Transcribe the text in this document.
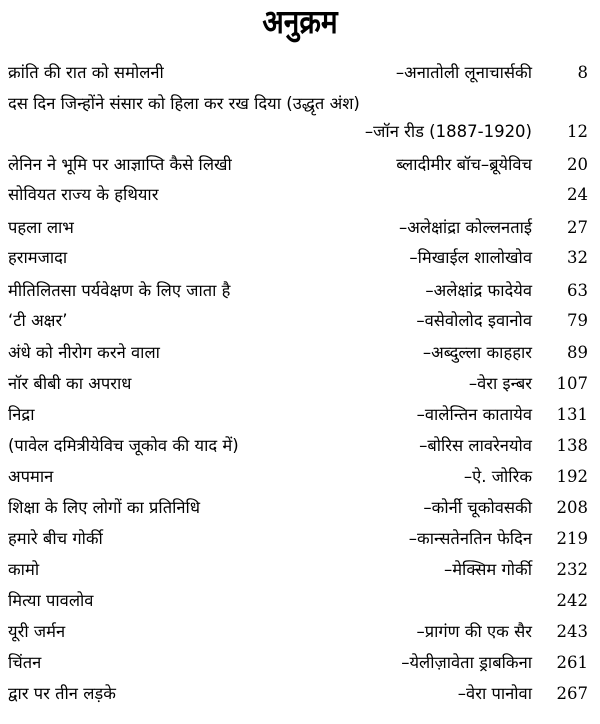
अनुक्रम
क्रांति की रात को समोलनी	–अनातोली लूनाचार्सकी	8
दस दिन जिन्होंने संसार को हिला कर रख दिया (उद्धृत अंश)
–जॉन रीड (1887-1920)	12
लेनिन ने भूमि पर आज्ञाप्ति कैसे लिखी	ब्लादीमीर बॉच–ब्रूयेविच	20
सोवियत राज्य के हथियार	24
पहला लाभ	–अलेक्षांद्रा कोल्लनताई	27
हरामजादा	–मिखाईल शालोखोव	32
मीतिलितसा पर्यवेक्षण के लिए जाता है	–अलेक्षांद्र फादेयेव	63
‘टी अक्षर’	–वसेवोलोद इवानोव	79
अंधे को नीरोग करने वाला	–अब्दुल्ला काहहार	89
नॉर बीबी का अपराध	–वेरा इन्बर	107
निद्रा	–वालेन्तिन कातायेव	131
(पावेल दमित्रीयेविच जूकोव की याद में)	–बोरिस लावरेनयोव	138
अपमान	–ऐ. जोरिक	192
शिक्षा के लिए लोगों का प्रतिनिधि	–कोर्नी चूकोवसकी	208
हमारे बीच गोर्की	–कान्सतेनतिन फेदिन	219
कामो	–मेक्सिम गोर्की	232
मित्या पावलोव	242
यूरी जर्मन	–प्रागंण की एक सैर	243
चिंतन	–येलीज़ावेता ड्राबकिना	261
द्वार पर तीन लड़के	–वेरा पानोवा	267
